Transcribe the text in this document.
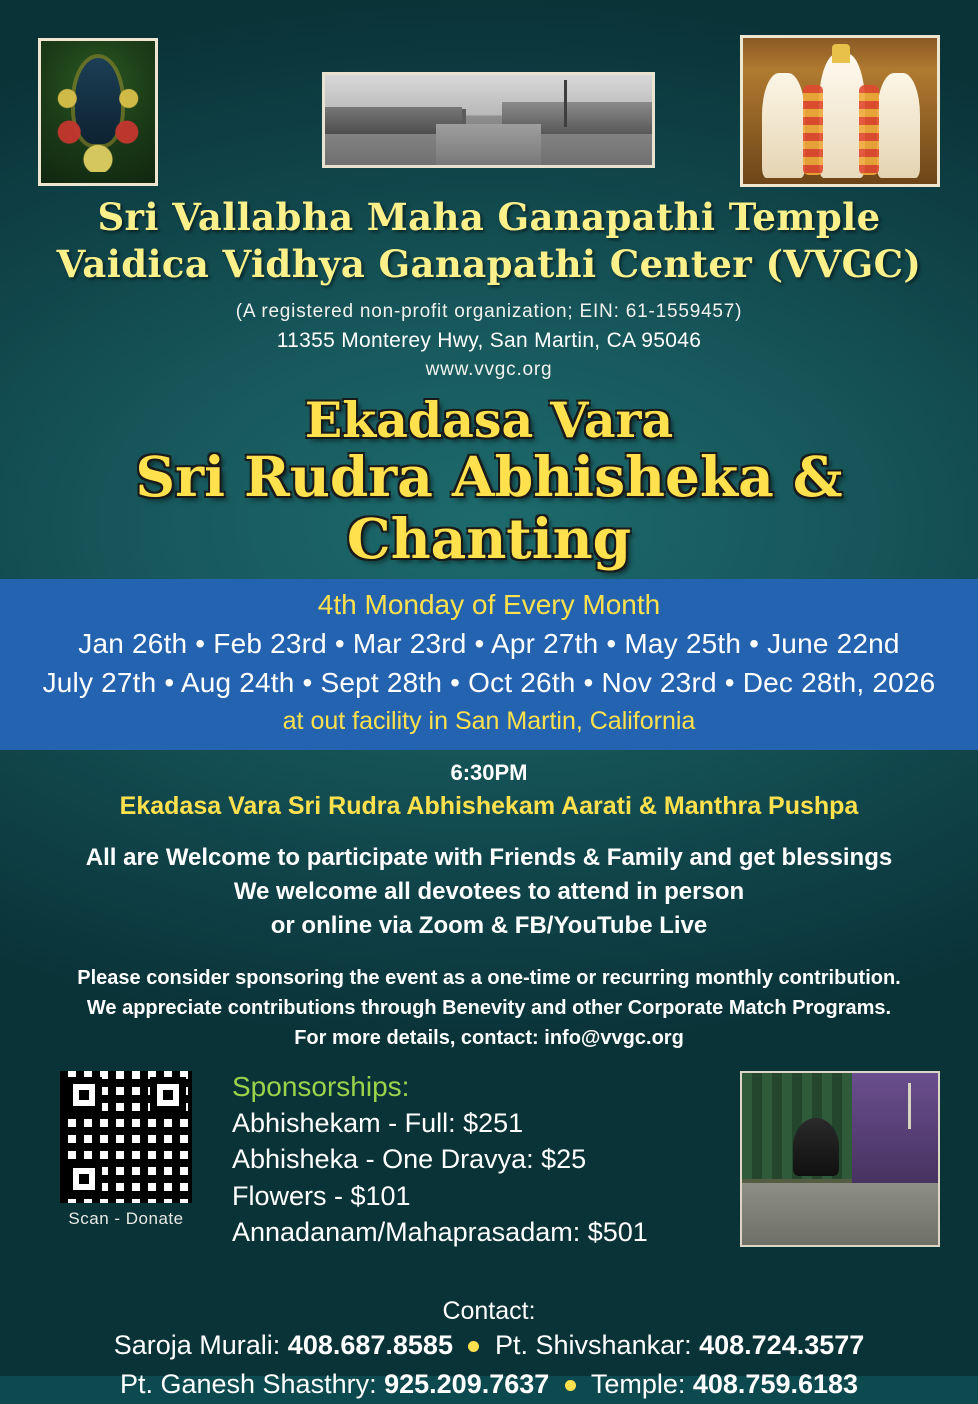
Sri Vallabha Maha Ganapathi Temple
Vaidica Vidhya Ganapathi Center (VVGC)
(A registered non-profit organization; EIN: 61-1559457)
11355 Monterey Hwy, San Martin, CA 95046
www.vvgc.org
Ekadasa Vara
Sri Rudra Abhisheka & Chanting
4th Monday of Every Month
Jan 26th • Feb 23rd • Mar 23rd • Apr 27th • May 25th • June 22nd
July 27th • Aug 24th • Sept 28th • Oct 26th • Nov 23rd • Dec 28th, 2026
at out facility in San Martin, California
6:30PM
Ekadasa Vara Sri Rudra Abhishekam Aarati & Manthra Pushpa
All are Welcome to participate with Friends & Family and get blessings
We welcome all devotees to attend in person
or online via Zoom & FB/YouTube Live
Please consider sponsoring the event as a one-time or recurring monthly contribution.
We appreciate contributions through Benevity and other Corporate Match Programs.
For more details, contact: info@vvgc.org
Scan - Donate
Sponsorships:
Abhishekam - Full: $251
Abhisheka - One Dravya: $25
Flowers - $101
Annadanam/Mahaprasadam: $501
Contact:
Saroja Murali: 408.687.8585 Pt. Shivshankar: 408.724.3577
Pt. Ganesh Shasthry: 925.209.7637 Temple: 408.759.6183
